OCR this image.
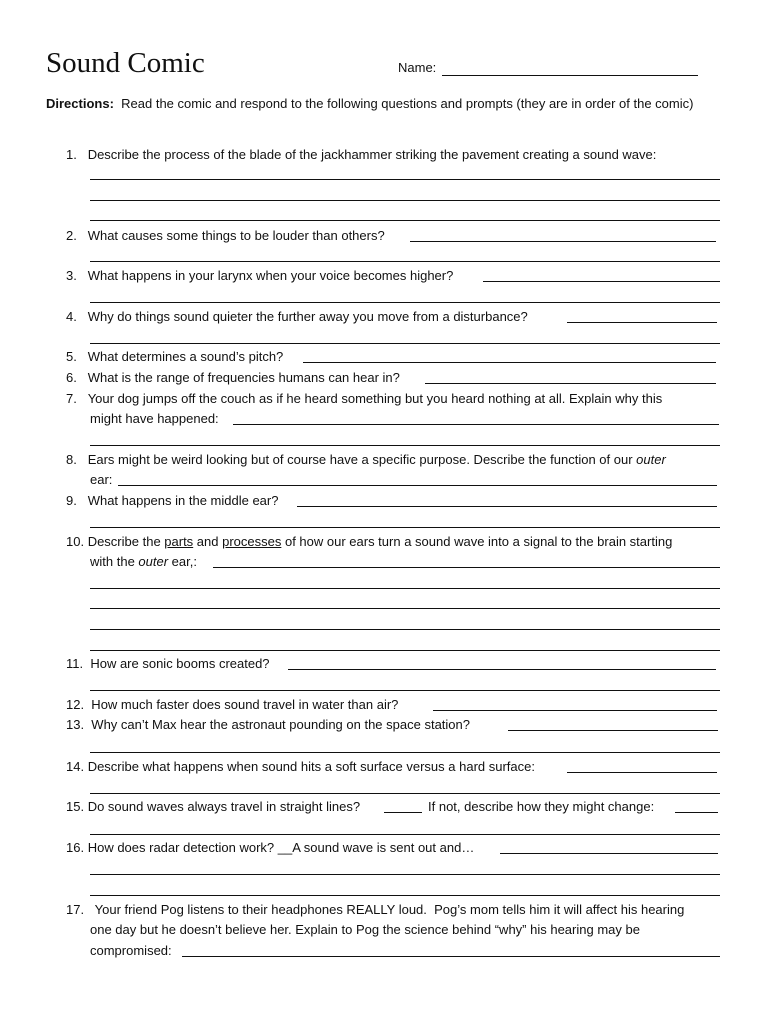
Sound Comic	Name:
Directions: Read the comic and respond to the following questions and prompts (they are in order of the comic)
1. Describe the process of the blade of the jackhammer striking the pavement creating a sound wave:
2. What causes some things to be louder than others?
3. What happens in your larynx when your voice becomes higher?
4. Why do things sound quieter the further away you move from a disturbance?
5. What determines a sound’s pitch?
6. What is the range of frequencies humans can hear in?
7. Your dog jumps off the couch as if he heard something but you heard nothing at all. Explain why this
might have happened:
8. Ears might be weird looking but of course have a specific purpose. Describe the function of our outer
ear:
9. What happens in the middle ear?
10. Describe the parts and processes of how our ears turn a sound wave into a signal to the brain starting
with the outer ear,:
11.  How are sonic booms created?
12.  How much faster does sound travel in water than air?
13.  Why can’t Max hear the astronaut pounding on the space station?
14. Describe what happens when sound hits a soft surface versus a hard surface:
15. Do sound waves always travel in straight lines?	If not, describe how they might change:
16. How does radar detection work? __A sound wave is sent out and…
17.   Your friend Pog listens to their headphones REALLY loud.  Pog’s mom tells him it will affect his hearing
one day but he doesn’t believe her. Explain to Pog the science behind “why” his hearing may be
compromised:
